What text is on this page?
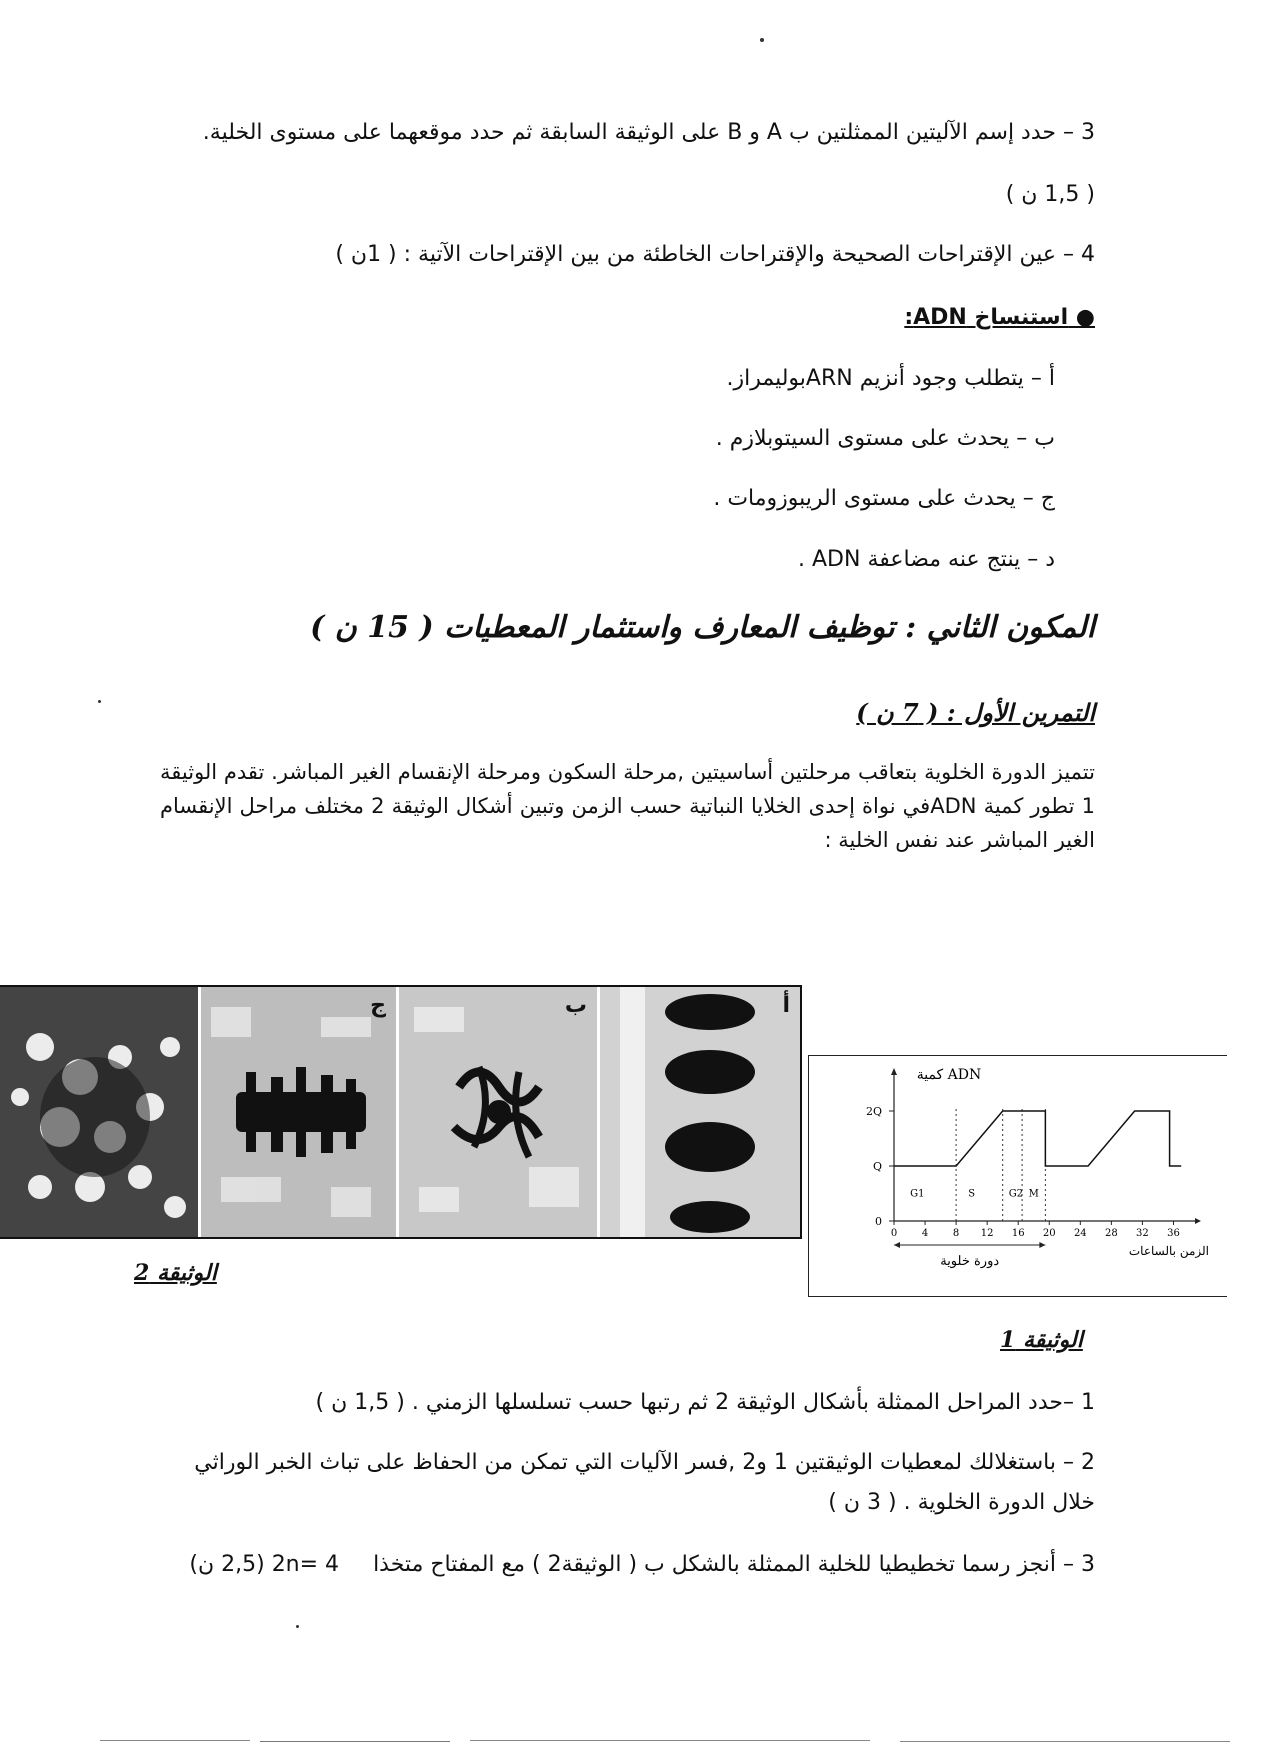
3 – حدد إسم الآليتين الممثلتين ب A و B على الوثيقة السابقة ثم حدد موقعهما على مستوى الخلية.
( 1,5 ن )
4 – عين الإقتراحات الصحيحة والإقتراحات الخاطئة من بين الإقتراحات الآتية : ( 1ن )
● استنساخ ADN:
أ – يتطلب وجود أنزيم ARNبوليمراز.
ب – يحدث على مستوى السيتوبلازم .
ج – يحدث على مستوى الريبوزومات .
د – ينتج عنه مضاعفة ADN .
المكون الثاني : توظيف المعارف واستثمار المعطيات ( 15 ن )
التمرين الأول : ( 7 ن )
تتميز الدورة الخلوية بتعاقب مرحلتين أساسيتين ,مرحلة السكون ومرحلة الإنقسام الغير المباشر. تقدم الوثيقة 1 تطور كمية ADNفي نواة إحدى الخلايا النباتية حسب الزمن وتبين أشكال الوثيقة 2 مختلف مراحل الإنقسام الغير المباشر عند نفس الخلية :
ج	ب	أ
الوثيقة 2
كمية ADN
2Q
Q
0
0 4 8 12 16 20 24 28 32 36
الزمن بالساعات
دورة خلوية
G1	S	G2 M
الوثيقة 1
1 –حدد المراحل الممثلة بأشكال الوثيقة 2 ثم رتبها حسب تسلسلها الزمني . ( 1,5 ن )
2 – باستغلالك لمعطيات الوثيقتين 1 و2 ,فسر الآليات التي تمكن من الحفاظ على تباث الخبر الوراثي
خلال الدورة الخلوية . ( 3 ن )
3 – أنجز رسما تخطيطيا للخلية الممثلة بالشكل ب ( الوثيقة2 ) مع المفتاح متخذا  2n= 4 (2,5 ن)
